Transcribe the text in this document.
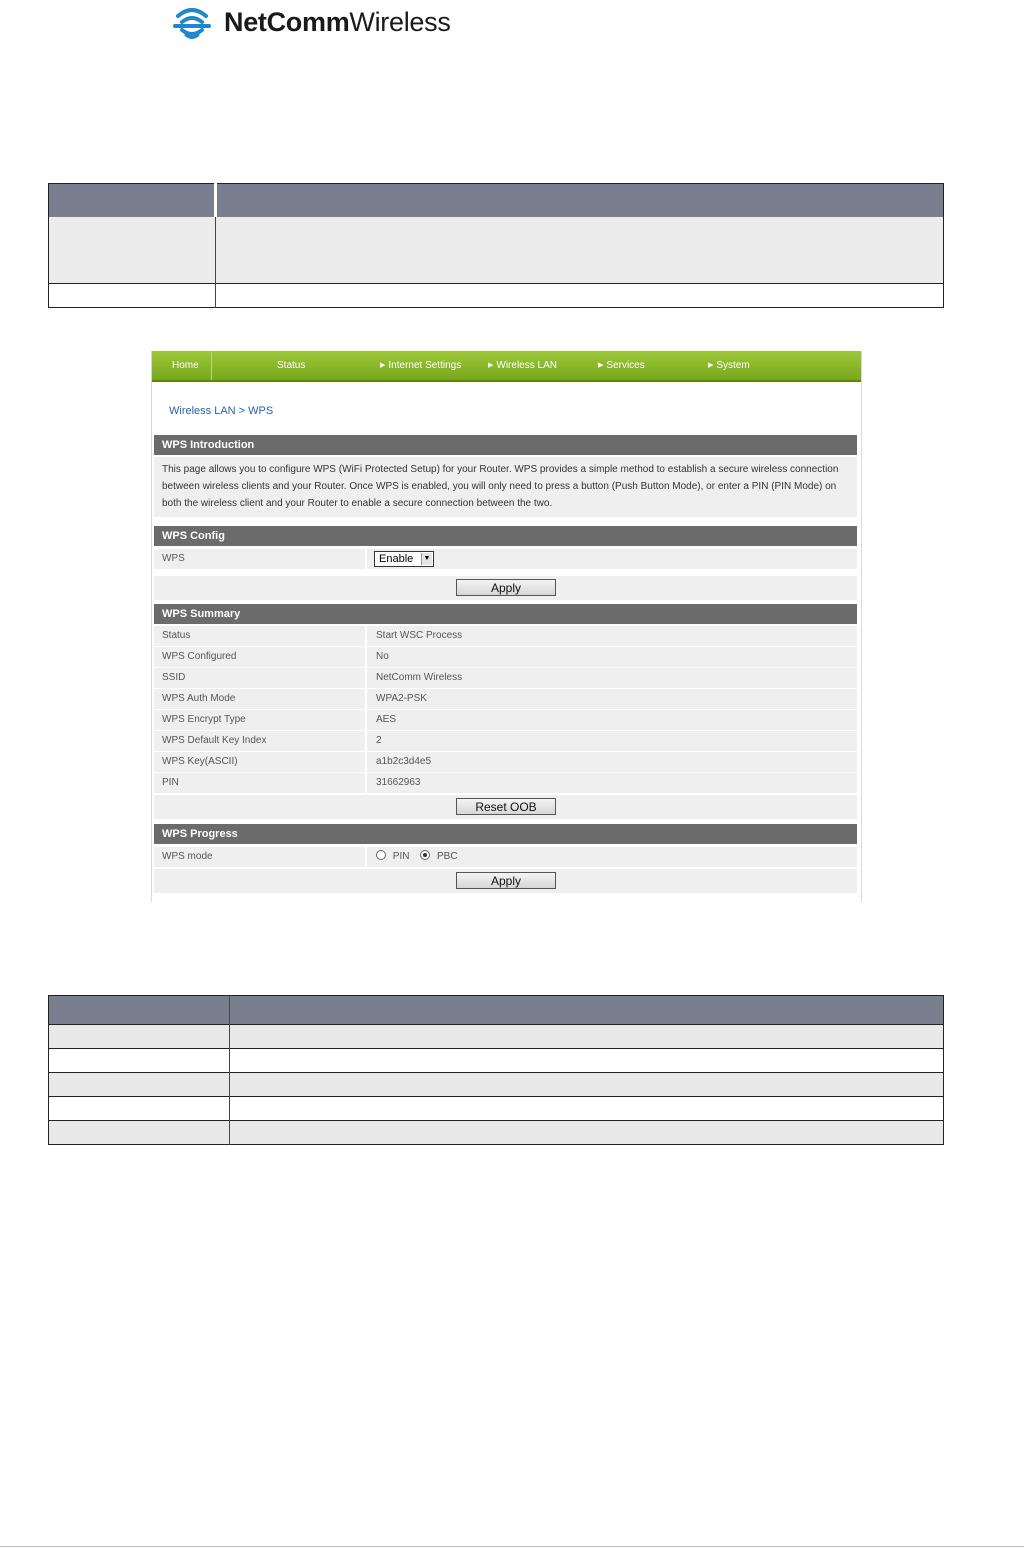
NetCommWireless

Home	Status	▶ Internet Settings	▶ Wireless LAN	▶ Services	▶ System
Wireless LAN > WPS
WPS Introduction
This page allows you to configure WPS (WiFi Protected Setup) for your Router. WPS provides a simple method to establish a secure wireless connection between wireless clients and your Router. Once WPS is enabled, you will only need to press a button (Push Button Mode), or enter a PIN (PIN Mode) on both the wireless client and your Router to enable a secure connection between the two.
WPS Config
WPS	Enable	▼
Apply
WPS Summary
Status	Start WSC Process
WPS Configured	No
SSID	NetComm Wireless
WPS Auth Mode	WPA2-PSK
WPS Encrypt Type	AES
WPS Default Key Index	2
WPS Key(ASCII)	a1b2c3d4e5
PIN	31662963
Reset OOB
WPS Progress
WPS mode	PIN	PBC
Apply
